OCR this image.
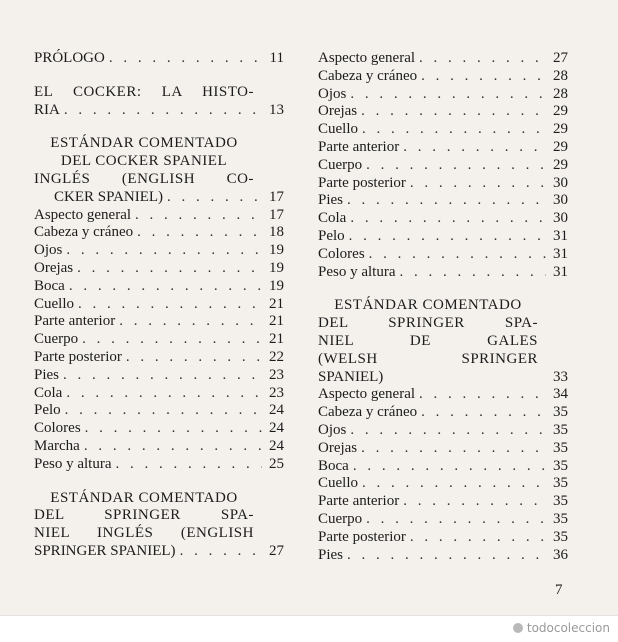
PRÓLOGO . . .	11
EL COCKER: LA HISTO-
RIA . . .	13
ESTÁNDAR COMENTADO
DEL COCKER SPANIEL
INGLÉS (ENGLISH CO-
CKER SPANIEL) . . .	17
Aspecto general . . .	17
Cabeza y cráneo . . .	18
Ojos . . .	19
Orejas . . .	19
Boca . . .	19
Cuello . . .	21
Parte anterior . . .	21
Cuerpo . . .	21
Parte posterior . . .	22
Pies . . .	23
Cola . . .	23
Pelo . . .	24
Colores . . .	24
Marcha . . .	24
Peso y altura . . .	25
ESTÁNDAR COMENTADO
DEL SPRINGER SPA-
NIEL INGLÉS (ENGLISH
SPRINGER SPANIEL) . . .	27
Aspecto general . . .	27
Cabeza y cráneo . . .	28
Ojos . . .	28
Orejas . . .	29
Cuello . . .	29
Parte anterior . . .	29
Cuerpo . . .	29
Parte posterior . . .	30
Pies . . .	30
Cola . . .	30
Pelo . . .	31
Colores . . .	31
Peso y altura . . .	31
ESTÁNDAR COMENTADO
DEL SPRINGER SPA-
NIEL DE GALES
(WELSH SPRINGER
SPANIEL)	33
Aspecto general . . .	34
Cabeza y cráneo . . .	35
Ojos . . .	35
Orejas . . .	35
Boca . . .	35
Cuello . . .	35
Parte anterior . . .	35
Cuerpo . . .	35
Parte posterior . . .	35
Pies . . .	36
7
todocoleccion
